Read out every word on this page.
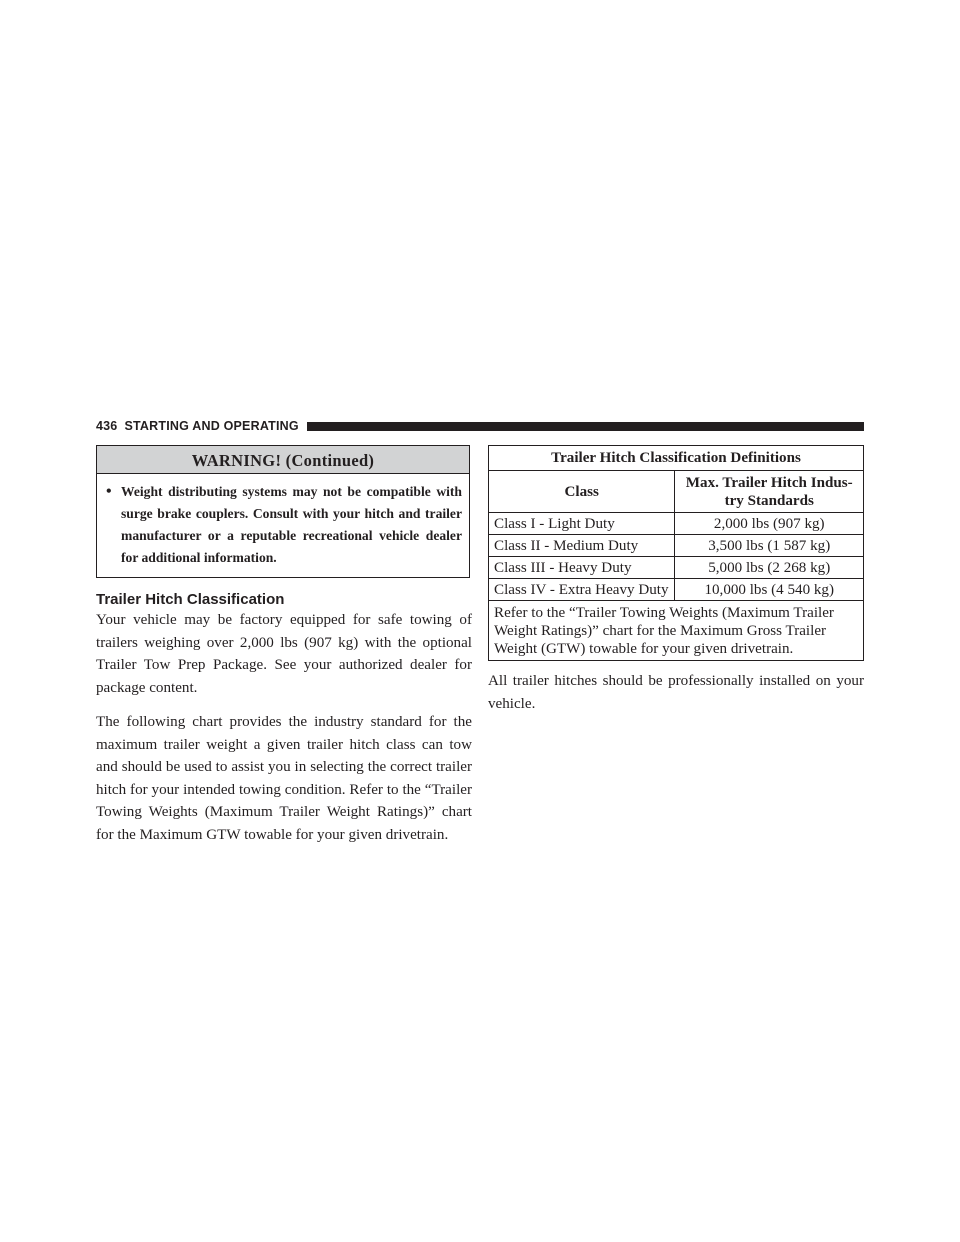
436 STARTING AND OPERATING
WARNING! (Continued)
• Weight distributing systems may not be compatible with surge brake couplers. Consult with your hitch and trailer manufacturer or a reputable recreational vehicle dealer for additional information.
Trailer Hitch Classification

Your vehicle may be factory equipped for safe towing of trailers weighing over 2,000 lbs (907 kg) with the optional Trailer Tow Prep Package. See your authorized dealer for package content.

The following chart provides the industry standard for the maximum trailer weight a given trailer hitch class can tow and should be used to assist you in selecting the correct trailer hitch for your intended towing condition. Refer to the “Trailer Towing Weights (Maximum Trailer Weight Ratings)” chart for the Maximum GTW towable for your given drivetrain.

Trailer Hitch Classification Definitions	
Class	Max. Trailer Hitch Indus-
try Standards
Class I - Light Duty	2,000 lbs (907 kg)
Class II - Medium Duty	3,500 lbs (1 587 kg)
Class III - Heavy Duty	5,000 lbs (2 268 kg)
Class IV - Extra Heavy Duty	10,000 lbs (4 540 kg)
Refer to the “Trailer Towing Weights (Maximum Trailer Weight Ratings)” chart for the Maximum Gross Trailer Weight (GTW) towable for your given drivetrain.	

All trailer hitches should be professionally installed on your vehicle.
